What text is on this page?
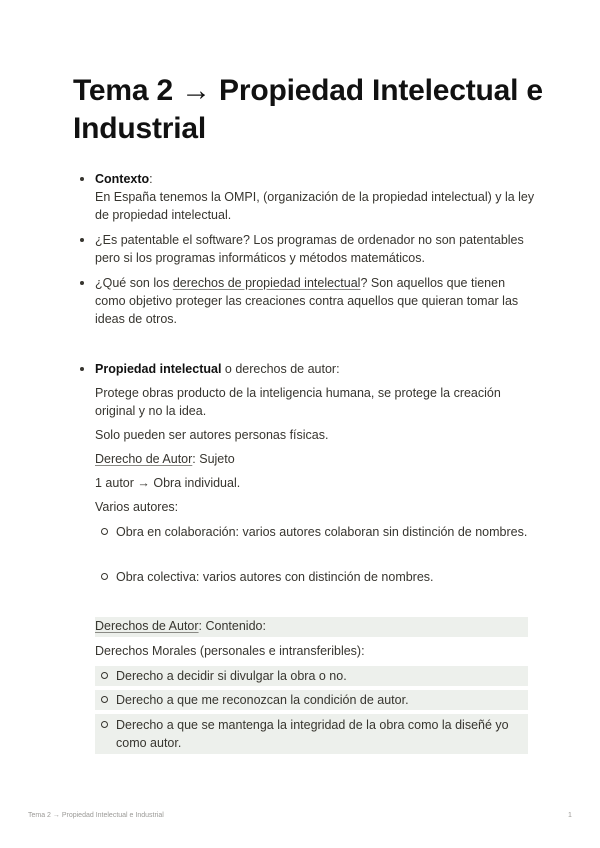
Tema 2 → Propiedad Intelectual e Industrial
Contexto:
En España tenemos la OMPI, (organización de la propiedad intelectual) y la ley de propiedad intelectual.
¿Es patentable el software? Los programas de ordenador no son patentables pero si los programas informáticos y métodos matemáticos.
¿Qué son los derechos de propiedad intelectual? Son aquellos que tienen como objetivo proteger las creaciones contra aquellos que quieran tomar las ideas de otros.
Propiedad intelectual o derechos de autor:
Protege obras producto de la inteligencia humana, se protege la creación original y no la idea.
Solo pueden ser autores personas físicas.
Derecho de Autor: Sujeto
1 autor → Obra individual.
Varios autores:
Obra en colaboración: varios autores colaboran sin distinción de nombres.
Obra colectiva: varios autores con distinción de nombres.
Derechos de Autor: Contenido:
Derechos Morales (personales e intransferibles):
Derecho a decidir si divulgar la obra o no.
Derecho a que me reconozcan la condición de autor.
Derecho a que se mantenga la integridad de la obra como la diseñé yo como autor.
Tema 2 → Propiedad Intelectual e Industrial	1
